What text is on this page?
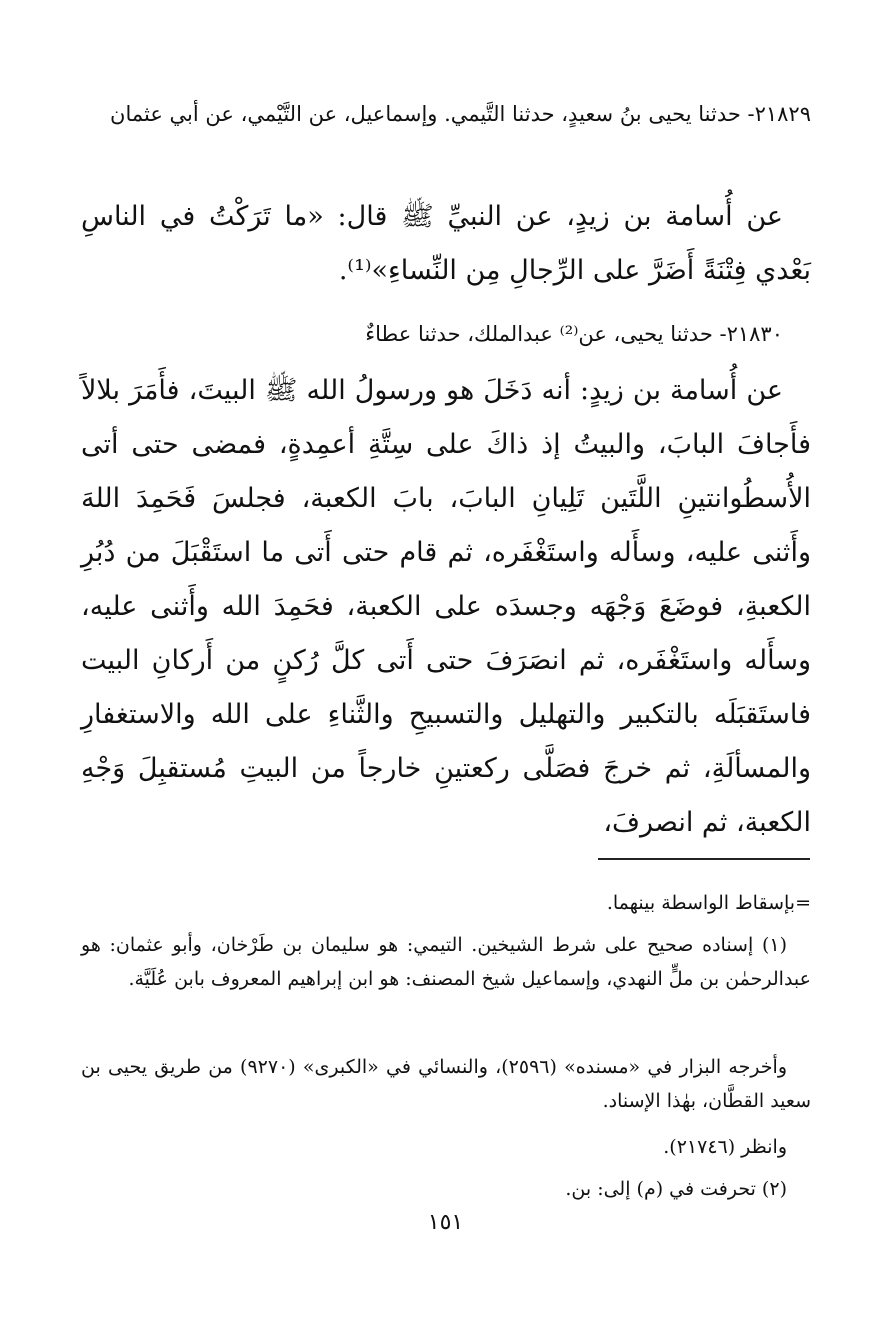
٢١٨٢٩- حدثنا يحيى بنُ سعيدٍ، حدثنا التَّيمي. وإسماعيل، عن التَّيْمي، عن أبي عثمان

عن أُسامة بن زيدٍ، عن النبيِّ ﷺ قال: «ما تَرَكْتُ في الناسِ بَعْدي فِتْنَةً أَضَرَّ على الرِّجالِ مِن النِّساءِ»⁽¹⁾.

٢١٨٣٠- حدثنا يحيى، عن⁽²⁾ عبدالملك، حدثنا عطاءٌ

عن أُسامة بن زيدٍ: أنه دَخَلَ هو ورسولُ الله ﷺ البيتَ، فأَمَرَ بلالاً فأَجافَ البابَ، والبيتُ إذ ذاكَ على سِتَّةِ أعمِدةٍ، فمضى حتى أتى الأُسطُوانتينِ اللَّتَين تَلِيانِ البابَ، بابَ الكعبة، فجلسَ فَحَمِدَ اللهَ وأَثنى عليه، وسأَله واستَغْفَره، ثم قام حتى أَتى ما استَقْبَلَ من دُبُرِ الكعبةِ، فوضَعَ وَجْهَه وجسدَه على الكعبة، فحَمِدَ الله وأَثنى عليه، وسأَله واستَغْفَره، ثم انصَرَفَ حتى أَتى كلَّ رُكنٍ من أَركانِ البيت فاستَقبَلَه بالتكبير والتهليل والتسبيحِ والثَّناءِ على الله والاستغفارِ والمسألَةِ، ثم خرجَ فصَلَّى ركعتينِ خارجاً من البيتِ مُستقبِلَ وَجْهِ الكعبة، ثم انصرفَ،

=بإسقاط الواسطة بينهما.

(١) إسناده صحيح على شرط الشيخين. التيمي: هو سليمان بن طَرْخان، وأبو عثمان: هو عبدالرحمٰن بن ملٍّ النهدي، وإسماعيل شيخ المصنف: هو ابن إبراهيم المعروف بابن عُلَيَّة.

وأخرجه البزار في «مسنده» (٢٥٩٦)، والنسائي في «الكبرى» (٩٢٧٠) من طريق يحيى بن سعيد القطَّان، بهٰذا الإسناد.

وانظر (٢١٧٤٦).

(٢) تحرفت في (م) إلى: بن.

١٥١
